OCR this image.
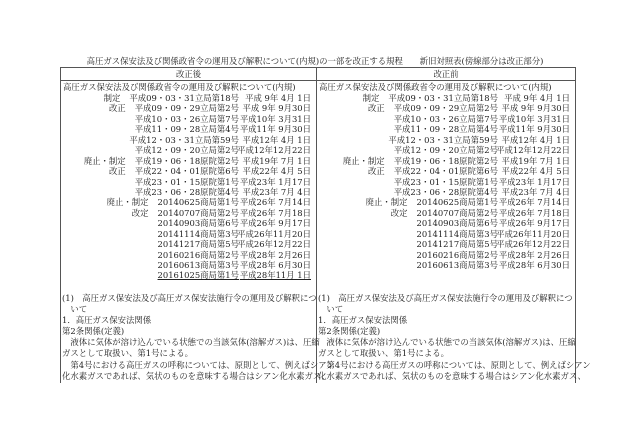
高圧ガス保安法及び関係政省令の運用及び解釈について(内規)の一部を改正する規程　　新旧対照表(傍線部分は改正部分)
改正後
高圧ガス保安法及び関係政省令の運用及び解釈について(内規)
制定 平成09・03・31立局第18号 平成 9年 4月 1日
改正 平成09・09・29立局第2号 平成 9年 9月30日
平成10・03・26立局第7号 平成10年 3月31日
平成11・09・28立局第4号 平成11年 9月30日
平成12・03・31立局第59号 平成12年 4月 1日
平成12・09・20立局第2号
平成12年12月22日
廃止・制定 平成19・06・18原院第2号 平成19年 7月 1日
改正 平成22・04・01原院第6号 平成22年 4月 5日
平成23・01・15原院第1号 平成23年 1月17日
平成23・06・28原院第4号 平成23年 7月 4日
廃止・制定 20140625商局第1号 平成26年 7月14日
改定 20140707商局第2号 平成26年 7月18日
20140903商局第6号 平成26年 9月17日
20141114商局第3号
平成26年11月20日
20141217商局第5号
平成26年12月22日
20160216商局第2号 平成28年 2月26日
20160613商局第3号 平成28年 6月30日
20161025商局第1号 平成28年11月 1日
(1)　高圧ガス保安法及び高圧ガス保安法施行令の運用及び解釈につ
　いて
1．高圧ガス保安法関係
第2条関係(定義)
　液体に気体が溶け込んでいる状態での当該気体(溶解ガス)は、圧縮
ガスとして取扱い、第1号による。
　第4号における高圧ガスの呼称については、原則として、例えばシアン
化水素ガスであれば、気状のものを意味する場合はシアン化水素ガス、
改正前
高圧ガス保安法及び関係政省令の運用及び解釈について(内規)
制定 平成09・03・31立局第18号 平成 9年 4月 1日
改正 平成09・09・29立局第2号 平成 9年 9月30日
平成10・03・26立局第7号 平成10年 3月31日
平成11・09・28立局第4号 平成11年 9月30日
平成12・03・31立局第59号 平成12年 4月 1日
平成12・09・20立局第2号
平成12年12月22日
廃止・制定 平成19・06・18原院第2号 平成19年 7月 1日
改正 平成22・04・01原院第6号 平成22年 4月 5日
平成23・01・15原院第1号 平成23年 1月17日
平成23・06・28原院第4号 平成23年 7月 4日
廃止・制定 20140625商局第1号 平成26年 7月14日
改定 20140707商局第2号 平成26年 7月18日
20140903商局第6号 平成26年 9月17日
20141114商局第3号
平成26年11月20日
20141217商局第5号
平成26年12月22日
20160216商局第2号 平成28年 2月26日
20160613商局第3号 平成28年 6月30日
(1)　高圧ガス保安法及び高圧ガス保安法施行令の運用及び解釈につ
　いて
1．高圧ガス保安法関係
第2条関係(定義)
　液体に気体が溶け込んでいる状態での当該気体(溶解ガス)は、圧縮
ガスとして取扱い、第1号による。
　第4号における高圧ガスの呼称については、原則として、例えばシアン
化水素ガスであれば、気状のものを意味する場合はシアン化水素ガス、
